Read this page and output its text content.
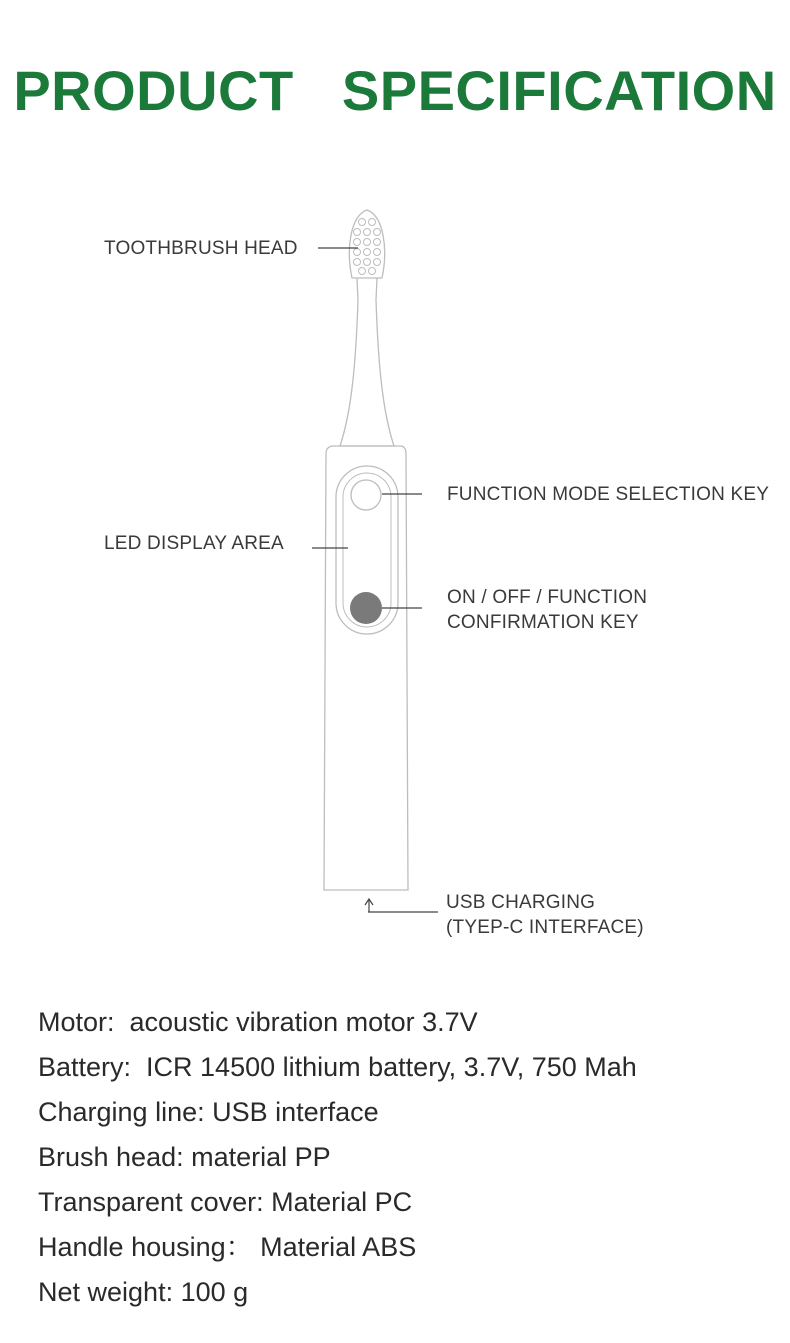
PRODUCT   SPECIFICATION
TOOTHBRUSH HEAD
FUNCTION MODE SELECTION KEY
LED DISPLAY AREA
ON / OFF / FUNCTION
CONFIRMATION KEY
USB CHARGING
(TYEP-C INTERFACE)
Motor:  acoustic vibration motor 3.7V
Battery:  ICR 14500 lithium battery, 3.7V, 750 Mah
Charging line: USB interface
Brush head: material PP
Transparent cover: Material PC
Handle housing： Material ABS
Net weight: 100 g
